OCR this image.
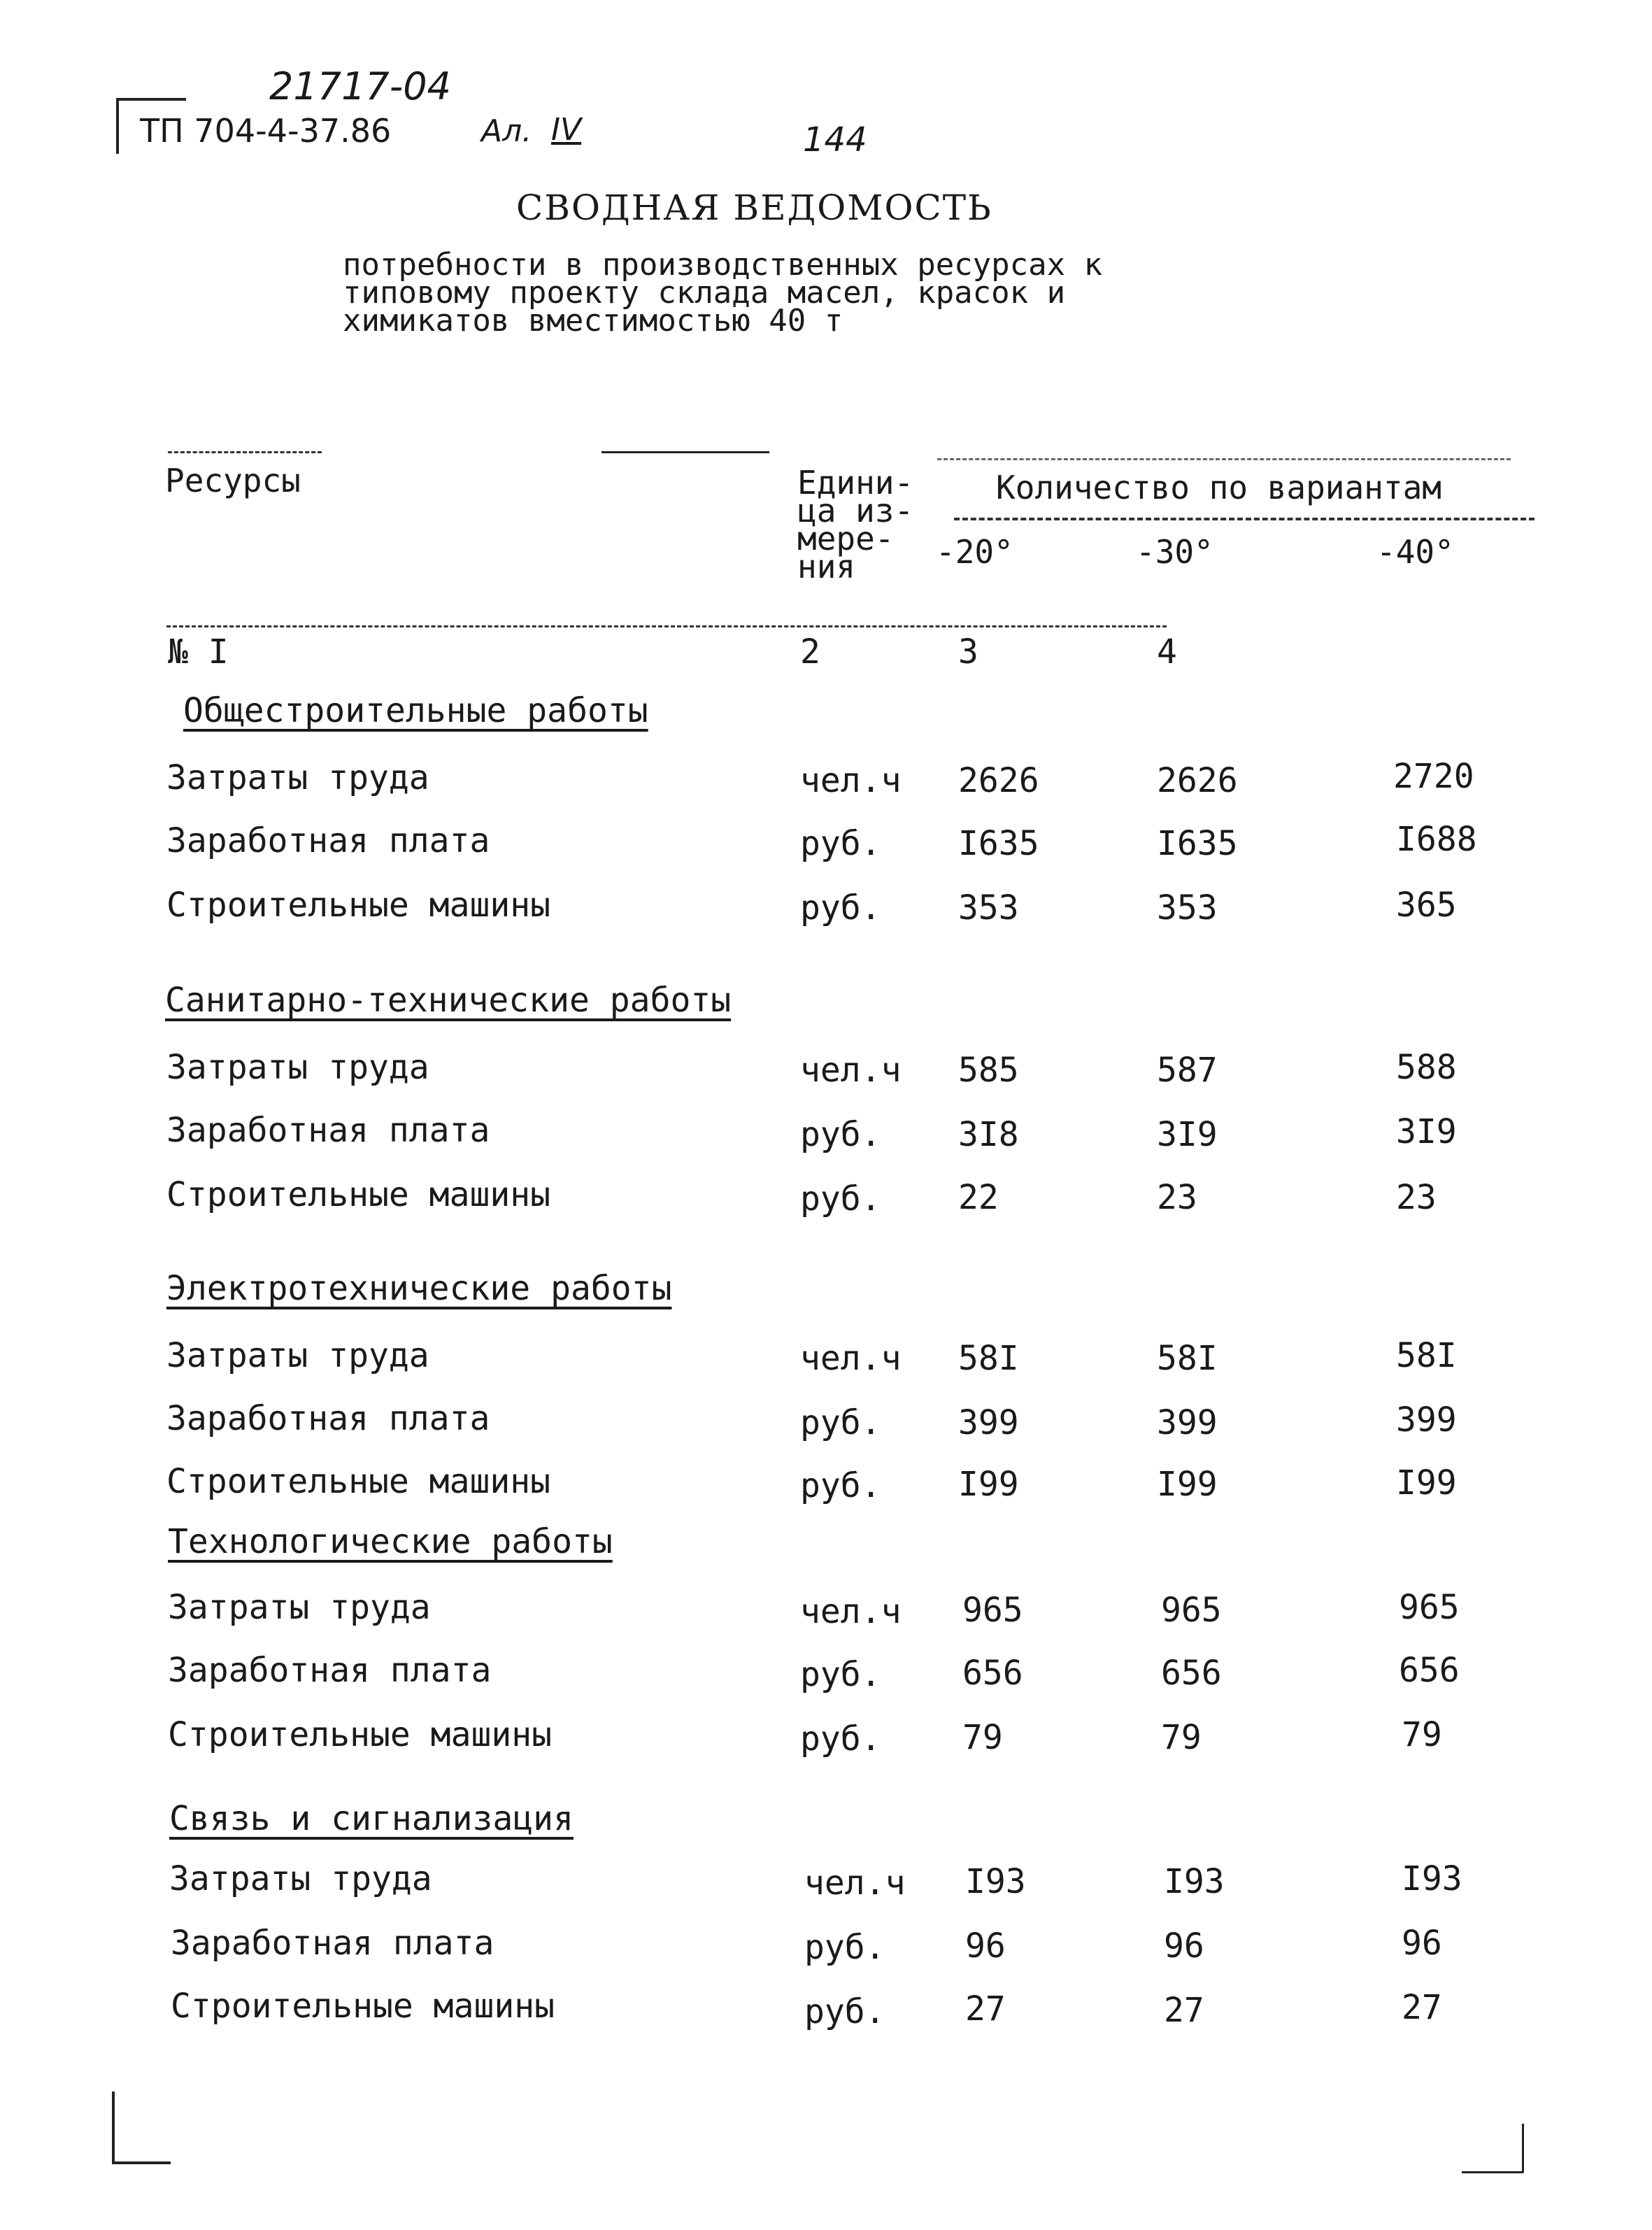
21717-04
ТП 704-4-37.86	Ал. IV	144
СВОДНАЯ ВЕДОМОСТЬ
потребности в производственных ресурсах к
типовому проекту склада масел, красок и
химикатов вместимостью 40 т
Ресурсы	Едини-
ца из-
мере-
ния
Количество по вариантам
-20°	-30°	-40°
№ I	2	3	4
Общестроительные работы
Затраты труда	чел.ч 2626	2626	2720
Заработная плата	руб. I635	I635	I688
Строительные машины	руб. 353	353	365
Санитарно-технические работы
Затраты труда	чел.ч 585	587	588
Заработная плата	руб. 3I8	3I9	3I9
Строительные машины	руб. 22	23	23
Электротехнические работы
Затраты труда	чел.ч 58I	58I	58I
Заработная плата	руб. 399	399	399
Строительные машины	руб. I99	I99	I99
Технологические работы
Затраты труда	чел.ч 965	965	965
Заработная плата	руб. 656	656	656
Строительные машины	руб. 79	79	79
Связь и сигнализация
Затраты труда	чел.ч I93	I93	I93
Заработная плата	руб. 96	96	96
Строительные машины	руб. 27	27	27
